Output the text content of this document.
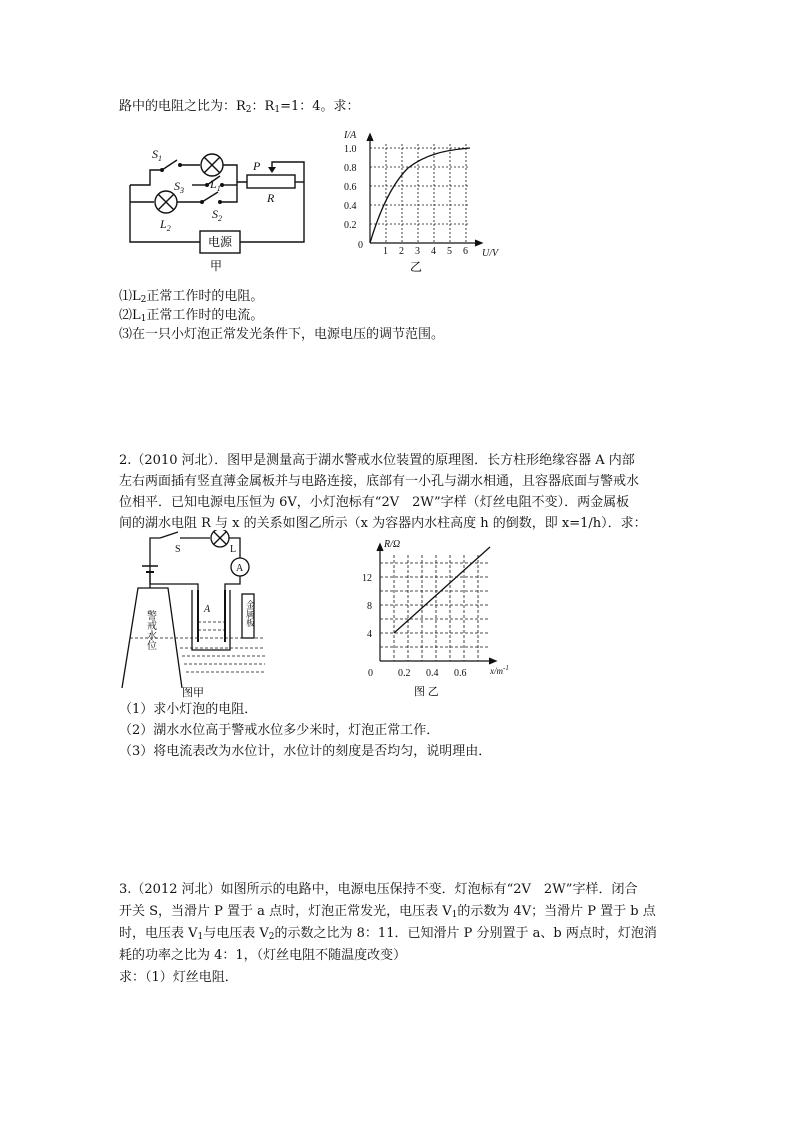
路中的电阻之比为：R2：R1=1：4。求：
$S_1$
$S_3$ $L_1$
P
R
$L_2$
$S_2$
电源
甲
I/A
U/V
1.0
0.8
0.6
0.4
0.2
0
1 2 3 4 5 6
乙
⑴L2正常工作时的电阻。
⑵L1正常工作时的电流。
⑶在一只小灯泡正常发光条件下，电源电压的调节范围。
2.（2010 河北）．图甲是测量高于湖水警戒水位装置的原理图．长方柱形绝缘容器 A 内部
左右两面插有竖直薄金属板并与电路连接，底部有一小孔与湖水相通，且容器底面与警戒水
位相平．已知电源电压恒为 6V，小灯泡标有“2V　2W”字样（灯丝电阻不变）．两金属板
间的湖水电阻 R 与 x 的关系如图乙所示（x 为容器内水柱高度 h 的倒数，即 x=1/h）．求：
S	L
A
A	金属板
警戒水位
图甲
R/Ω
$x/m^{-1}$
12
8
4
0	0.2 0.4 0.6
图 乙
（1）求小灯泡的电阻．
（2）湖水水位高于警戒水位多少米时，灯泡正常工作．
（3）将电流表改为水位计，水位计的刻度是否均匀，说明理由．
3.（2012 河北）如图所示的电路中，电源电压保持不变．灯泡标有“2V　2W”字样．闭合
开关 S，当滑片 P 置于 a 点时，灯泡正常发光，电压表 V1的示数为 4V；当滑片 P 置于 b 点
时，电压表 V1与电压表 V2的示数之比为 8：11．已知滑片 P 分别置于 a、b 两点时，灯泡消
耗的功率之比为 4：1，（灯丝电阻不随温度改变）
求：（1）灯丝电阻．
